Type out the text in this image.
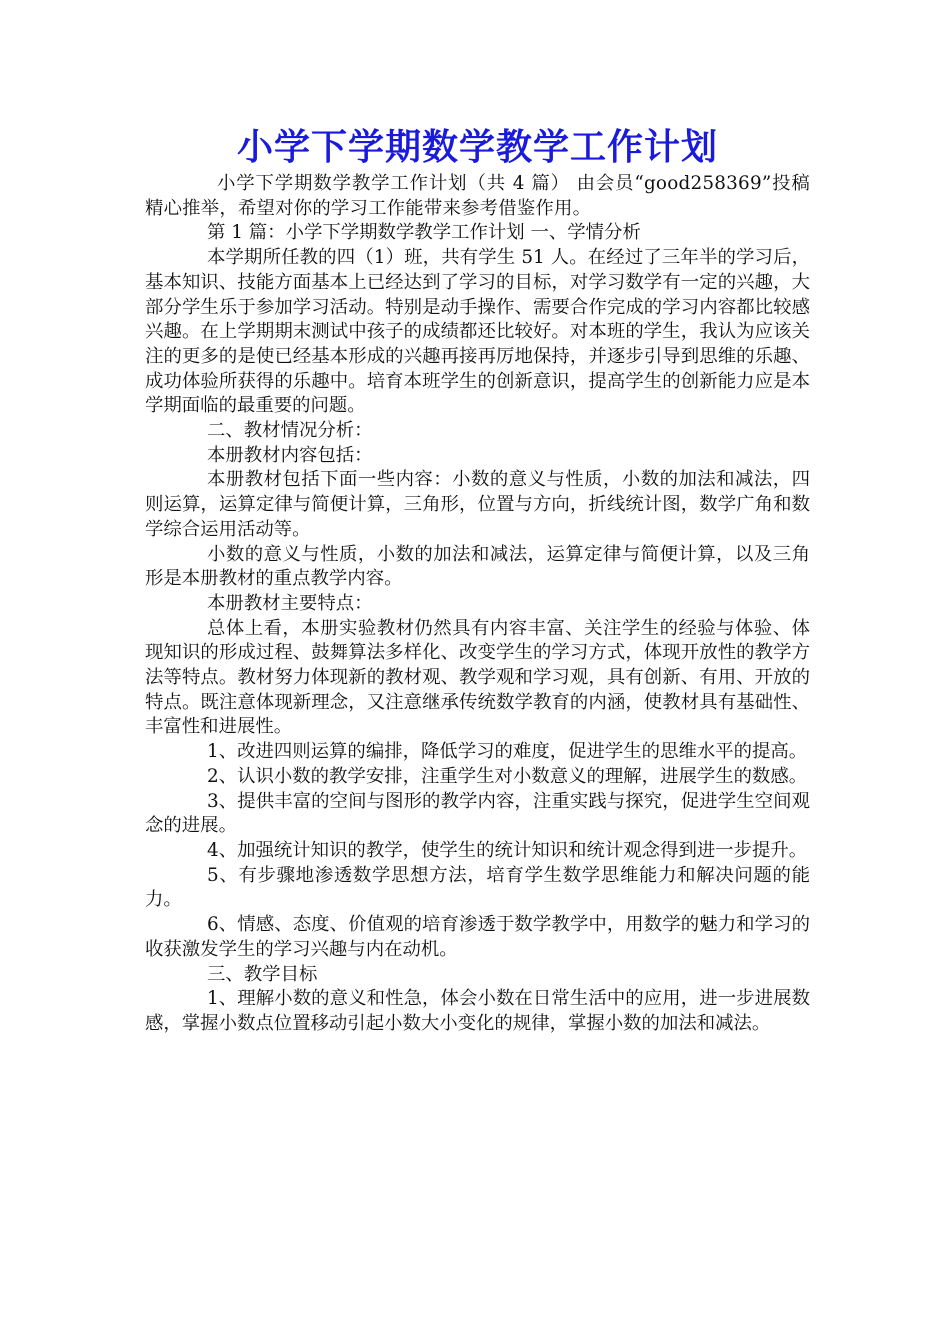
小学下学期数学教学工作计划

小学下学期数学教学工作计划（共 4 篇） 由会员“good258369”投稿精心推举，希望对你的学习工作能带来参考借鉴作用。

第 1 篇：小学下学期数学教学工作计划 一、学情分析

本学期所任教的四（1）班，共有学生 51 人。在经过了三年半的学习后，基本知识、技能方面基本上已经达到了学习的目标，对学习数学有一定的兴趣，大部分学生乐于参加学习活动。特别是动手操作、需要合作完成的学习内容都比较感兴趣。在上学期期末测试中孩子的成绩都还比较好。对本班的学生，我认为应该关注的更多的是使已经基本形成的兴趣再接再厉地保持，并逐步引导到思维的乐趣、成功体验所获得的乐趣中。培育本班学生的创新意识，提高学生的创新能力应是本学期面临的最重要的问题。

二、教材情况分析：

本册教材内容包括：

本册教材包括下面一些内容：小数的意义与性质，小数的加法和减法，四则运算，运算定律与简便计算，三角形，位置与方向，折线统计图，数学广角和数学综合运用活动等。

小数的意义与性质，小数的加法和减法，运算定律与简便计算，以及三角形是本册教材的重点教学内容。

本册教材主要特点：

总体上看，本册实验教材仍然具有内容丰富、关注学生的经验与体验、体现知识的形成过程、鼓舞算法多样化、改变学生的学习方式，体现开放性的教学方法等特点。教材努力体现新的教材观、教学观和学习观，具有创新、有用、开放的特点。既注意体现新理念，又注意继承传统数学教育的内涵，使教材具有基础性、丰富性和进展性。

1、改进四则运算的编排，降低学习的难度，促进学生的思维水平的提高。

2、认识小数的教学安排，注重学生对小数意义的理解，进展学生的数感。

3、提供丰富的空间与图形的教学内容，注重实践与探究，促进学生空间观念的进展。

4、加强统计知识的教学，使学生的统计知识和统计观念得到进一步提升。

5、有步骤地渗透数学思想方法，培育学生数学思维能力和解决问题的能力。

6、情感、态度、价值观的培育渗透于数学教学中，用数学的魅力和学习的收获激发学生的学习兴趣与内在动机。

三、教学目标

1、理解小数的意义和性急，体会小数在日常生活中的应用，进一步进展数感，掌握小数点位置移动引起小数大小变化的规律，掌握小数的加法和减法。
